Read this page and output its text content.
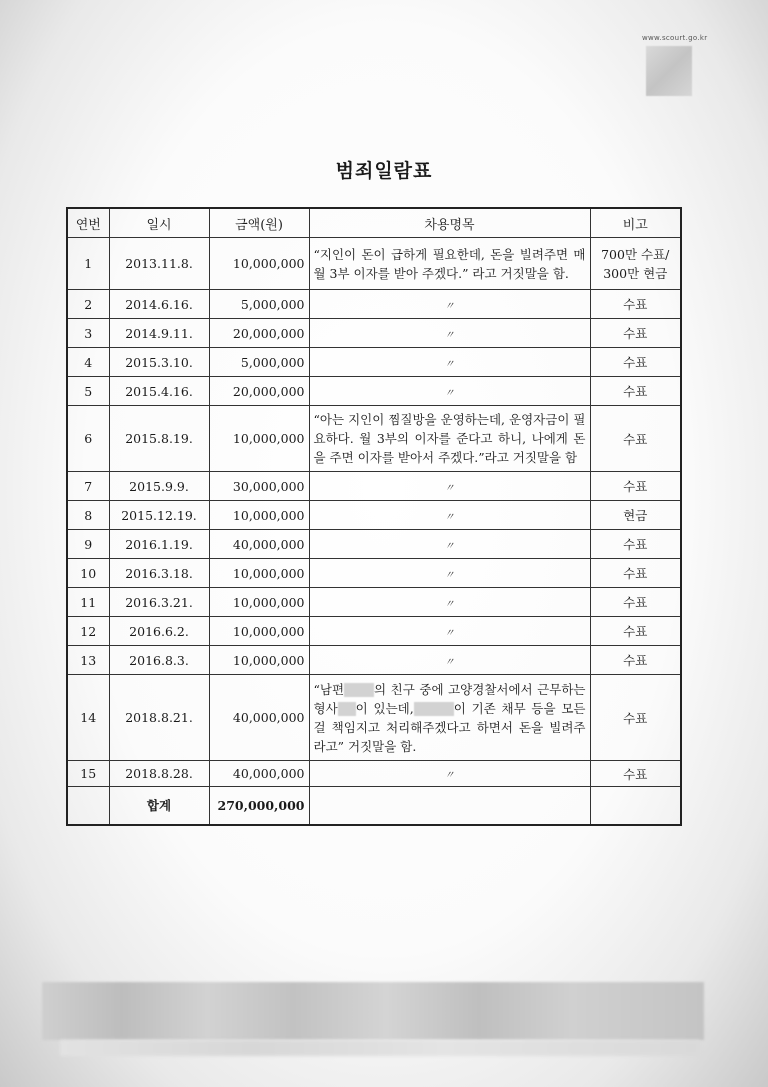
www.scourt.go.kr
범죄일람표
연번	일시	금액(원)	차용명목	비고
1	2013.11.8.	10,000,000	“지인이 돈이 급하게 필요한데, 돈을 빌려주면 매월 3부 이자를 받아 주겠다.” 라고 거짓말을 함.	700만 수표/ 300만 현금
2	2014.6.16.	5,000,000	〃	수표
3	2014.9.11.	20,000,000	〃	수표
4	2015.3.10.	5,000,000	〃	수표
5	2015.4.16.	20,000,000	〃	수표
6	2015.8.19.	10,000,000	“아는 지인이 찜질방을 운영하는데, 운영자금이 필요하다. 월 3부의 이자를 준다고 하니, 나에게 돈을 주면 이자를 받아서 주겠다.”라고 거짓말을 함	수표
7	2015.9.9.	30,000,000	〃	수표
8	2015.12.19.	10,000,000	〃	현금
9	2016.1.19.	40,000,000	〃	수표
10	2016.3.18.	10,000,000	〃	수표
11	2016.3.21.	10,000,000	〃	수표
12	2016.6.2.	10,000,000	〃	수표
13	2016.8.3.	10,000,000	〃	수표
14	2018.8.21.	40,000,000	“남편 의 친구 중에 고양경찰서에서 근무하는 형사 이 있는데, 이 기존 채무 등을 모든 걸 책임지고 처리해주겠다고 하면서 돈을 빌려주라고” 거짓말을 함.	수표
15	2018.8.28.	40,000,000	〃	수표
	합계	270,000,000		
